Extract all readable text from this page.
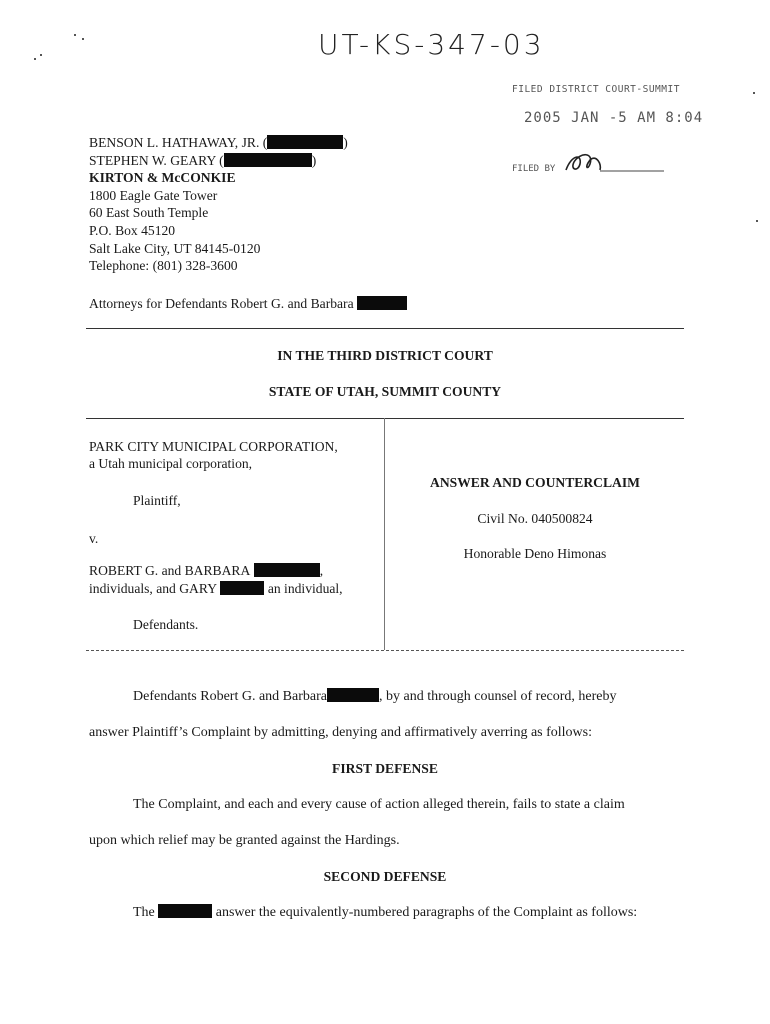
UT-KS-347-03
FILED DISTRICT COURT-SUMMIT
2005 JAN -5 AM 8:04
FILED BY

BENSON L. HATHAWAY, JR. (	)

STEPHEN W. GEARY (	)

KIRTON & McCONKIE

1800 Eagle Gate Tower

60 East South Temple

P.O. Box 45120

Salt Lake City, UT 84145-0120

Telephone: (801) 328-3600

Attorneys for Defendants Robert G. and Barbara
IN THE THIRD DISTRICT COURT
STATE OF UTAH, SUMMIT COUNTY
PARK CITY MUNICIPAL CORPORATION,
a Utah municipal corporation,
Plaintiff,
v.
ROBERT G. and BARBARA	,
individuals, and GARY	an individual,
Defendants.
ANSWER AND COUNTERCLAIM
Civil No. 040500824
Honorable Deno Himonas
Defendants Robert G. and Barbara	, by and through counsel of record, hereby
answer Plaintiff’s Complaint by admitting, denying and affirmatively averring as follows:
FIRST DEFENSE
The Complaint, and each and every cause of action alleged therein, fails to state a claim
upon which relief may be granted against the Hardings.
SECOND DEFENSE
The	answer the equivalently-numbered paragraphs of the Complaint as follows:
